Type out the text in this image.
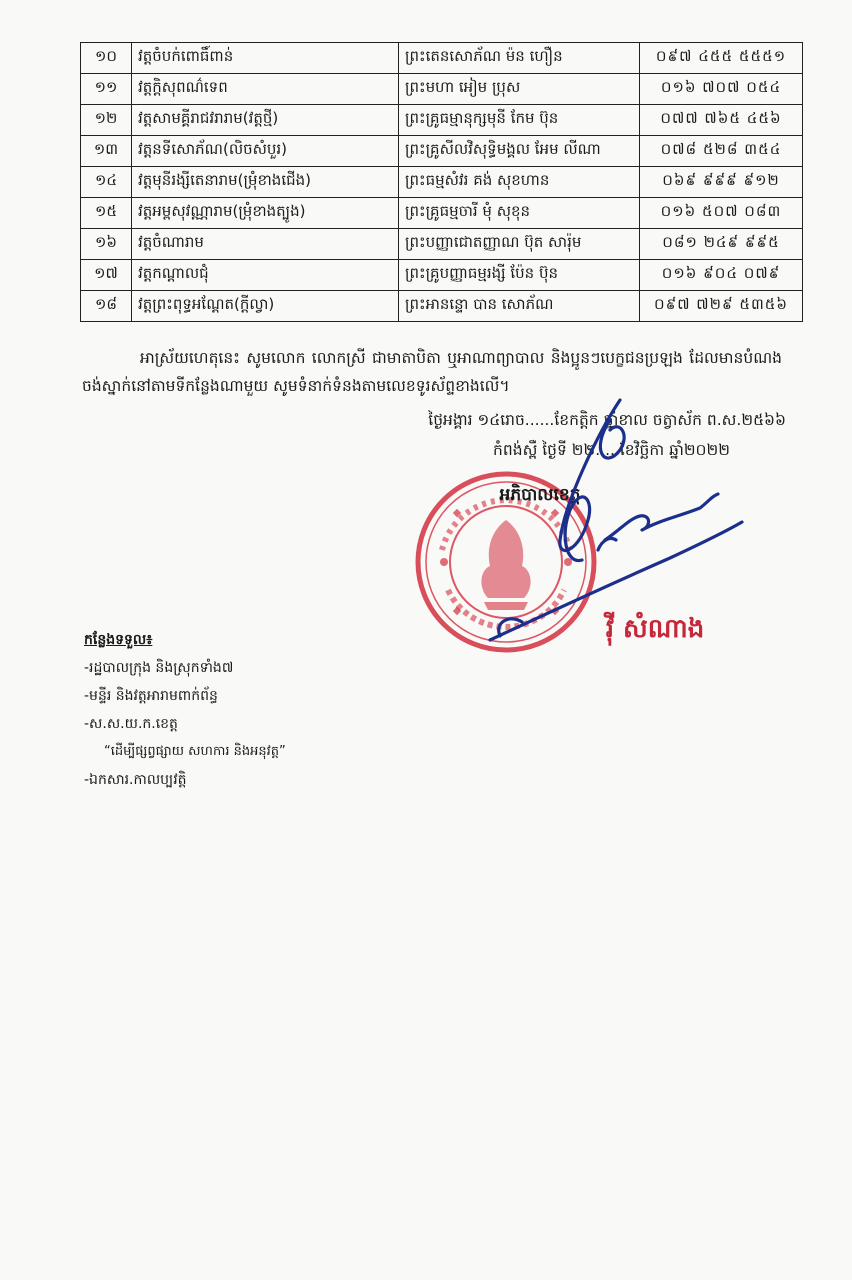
១០	វត្តចំបក់ពោធិ៍ពាន់	ព្រះតេនសោភ័ណ ម៉ន ហឿន	០៩៧ ៤៥៥ ៥៥៥១
១១	វត្តក្តិសុពណ៌ទេព	ព្រះមហា អៀម ប្រុស	០១៦ ៧០៧ ០៥៤
១២	វត្តសាមគ្គីរាជវរារាម(វត្តថ្មី)	ព្រះគ្រូធម្មានុក្សមុនី កែម ប៊ុន	០៧៧ ៧៦៥ ៤៥៦
១៣	វត្តនទីសោភ័ណ(លិចសំបួរ)	ព្រះគ្រូសីលវិសុទ្ធិមង្គល អែម លីណា	០៧៨ ៥២៨ ៣៥៤
១៤	វត្តមុនីរង្សីតេនារាម(ម្រុំខាងជើង)	ព្រះធម្មសំវរ គង់ សុខហាន	០៦៩ ៩៩៩ ៩១២
១៥	វត្តអម្ពសុវណ្ណារាម(ម្រុំខាងត្បូង)	ព្រះគ្រូធម្មចារី មុំ សុខុន	០១៦ ៥០៧ ០៨៣
១៦	វត្តចំណារាម	ព្រះបញ្ញាជោតញ្ញាណ ប៊ុត សារ៉ុម	០៨១ ២៤៩ ៩៩៥
១៧	វត្តកណ្តាលជុំ	ព្រះគ្រូបញ្ញាធម្មរង្សី ប៉ែន ប៊ុន	០១៦ ៩០៤ ០៧៩
១៨	វត្តព្រះពុទ្ធអណ្តែត(ក្តីល្វា)	ព្រះអានន្ទោ បាន សោភ័ណ	០៩៧ ៧២៩ ៥៣៥៦
អាស្រ័យហេតុនេះ សូមលោក លោកស្រី ជាមាតាបិតា ឬអាណាព្យាបាល និងប្អូនៗបេក្ខជនប្រឡង ដែលមានបំណងចង់ស្នាក់នៅតាមទីកន្លែងណាមួយ សូមទំនាក់ទំនងតាមលេខទូរស័ព្ទខាងលើ។
ថ្ងៃអង្គារ ១៤រោច......ខែកត្តិក ឆ្នាំខាល ចត្វាស័ក ព.ស.២៥៦៦
កំពង់ស្ពឺ ថ្ងៃទី ២២.....ខែវិច្ឆិកា ឆ្នាំ២០២២
អភិបាលខេត្ត
វ៉ី សំណាង
កន្លែងទទួល៖
-រដ្ឋបាលក្រុង និងស្រុកទាំង៧
-មន្ទីរ និងវត្តអារាមពាក់ព័ន្ធ
-ស.ស.យ.ក.ខេត្ត
“ដើម្បីផ្សព្វផ្សាយ សហការ និងអនុវត្ត”
-ឯកសារ.កាលប្បវត្តិ
